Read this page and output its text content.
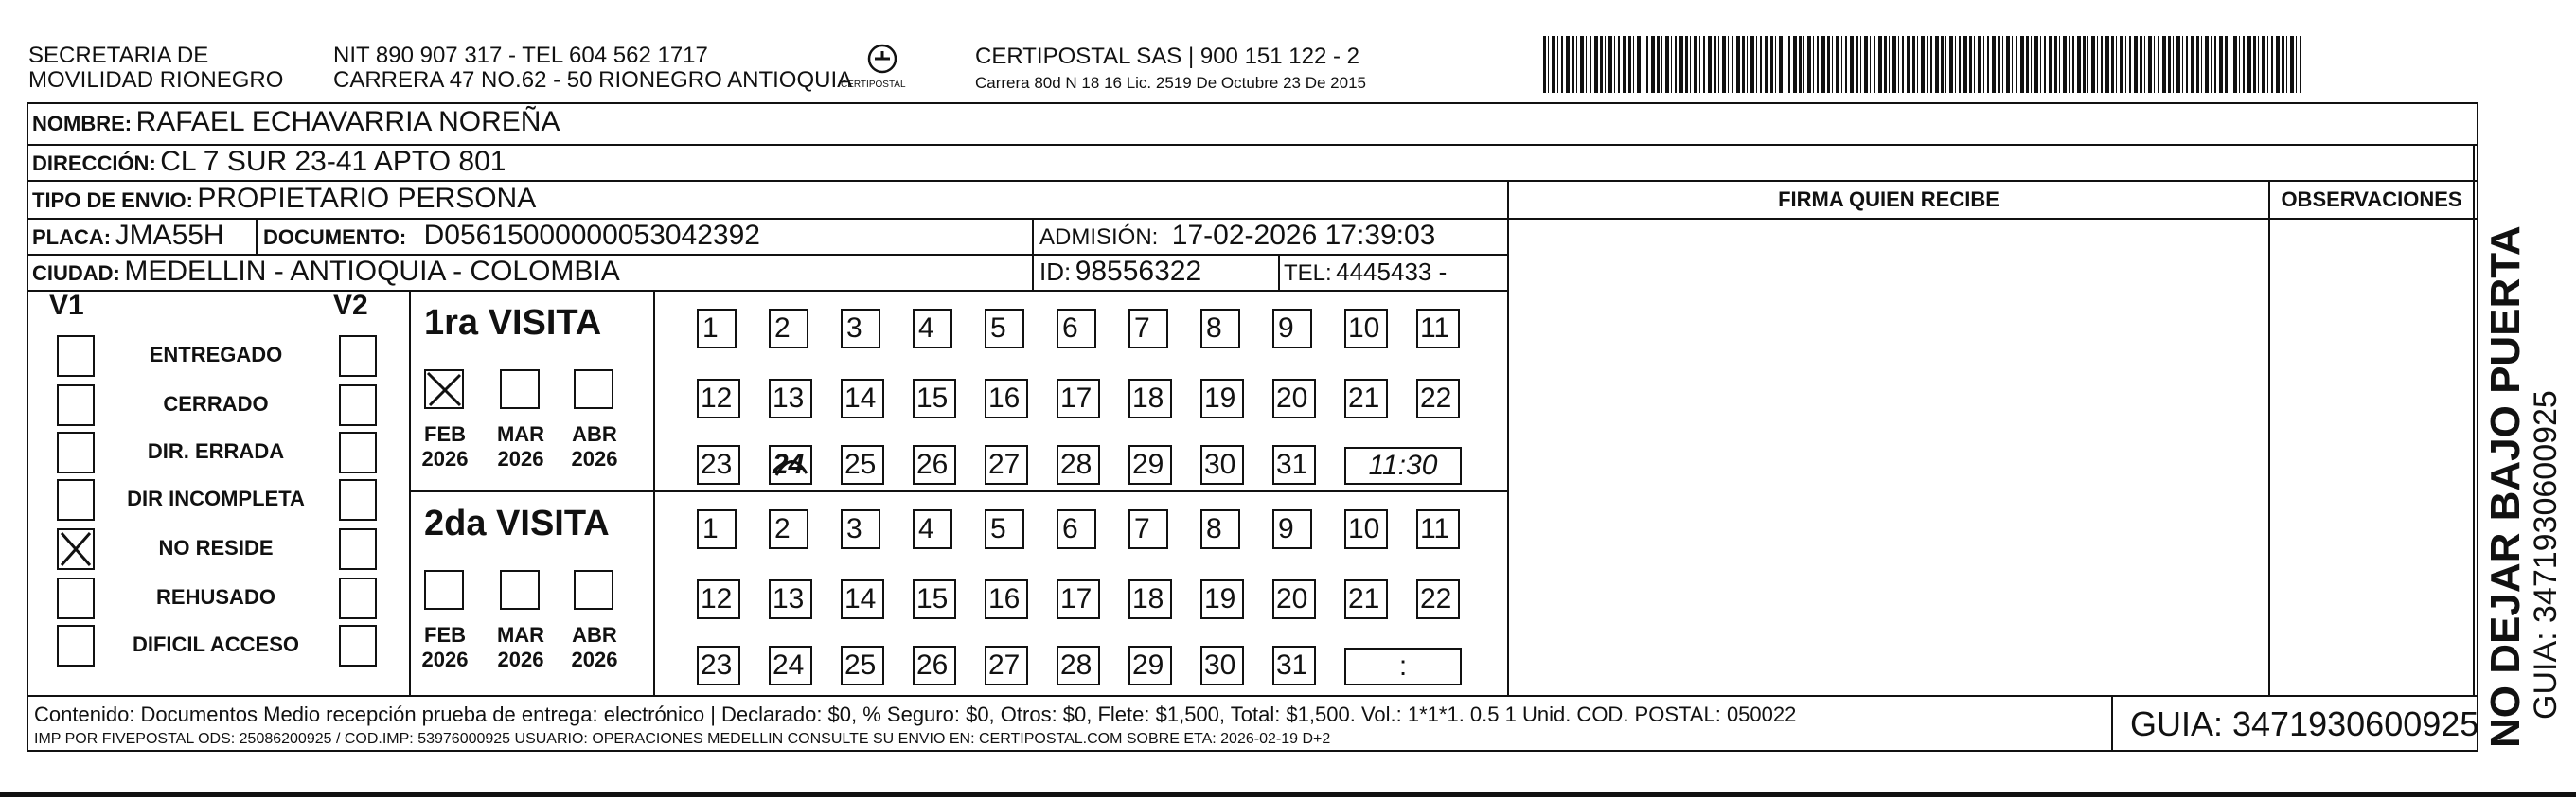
SECRETARIA DE
MOVILIDAD RIONEGRO
NIT 890 907 317 - TEL 604 562 1717
CARRERA 47 NO.62 - 50 RIONEGRO ANTIOQUIA
CERTIPOSTAL
CERTIPOSTAL SAS | 900 151 122 - 2
Carrera 80d N 18 16 Lic. 2519 De Octubre 23 De 2015
NOMBRE: RAFAEL ECHAVARRIA NOREÑA
DIRECCIÓN: CL 7 SUR 23-41 APTO 801
TIPO DE ENVIO: PROPIETARIO PERSONA
PLACA: JMA55H DOCUMENTO: D05615000000053042392	ADMISIÓN: 17-02-2026 17:39:03
CIUDAD: MEDELLIN - ANTIOQUIA - COLOMBIA	ID: 98556322	TEL: 4445433 -
FIRMA QUIEN RECIBE	OBSERVACIONES
V1	V2
ENTREGADO
CERRADO
DIR. ERRADA
DIR INCOMPLETA
NO RESIDE
REHUSADO
DIFICIL ACCESO
1ra VISITA
FEB
2026
MAR
2026
ABR
2026
1	2	3	4	5	6	7	8	9	10 11
12 13 14 15 16 17 18 19 20 21 22
23 24 25 26 27 28 29 30 31	11:30
2da VISITA
FEB
2026
MAR
2026
ABR
2026
1	2	3	4	5	6	7	8	9	10 11
12 13 14 15 16 17 18 19 20 21 22
23 24 25 26 27 28 29 30 31	:
Contenido: Documentos Medio recepción prueba de entrega: electrónico | Declarado: $0, % Seguro: $0, Otros: $0, Flete: $1,500, Total: $1,500. Vol.: 1*1*1. 0.5 1 Unid. COD. POSTAL: 050022
IMP POR FIVEPOSTAL ODS: 25086200925 / COD.IMP: 53976000925 USUARIO: OPERACIONES MEDELLIN CONSULTE SU ENVIO EN: CERTIPOSTAL.COM SOBRE ETA: 2026-02-19 D+2	GUIA: 3471930600925 NO DEJAR BAJO PUERTA GUIA: 3471930600925
